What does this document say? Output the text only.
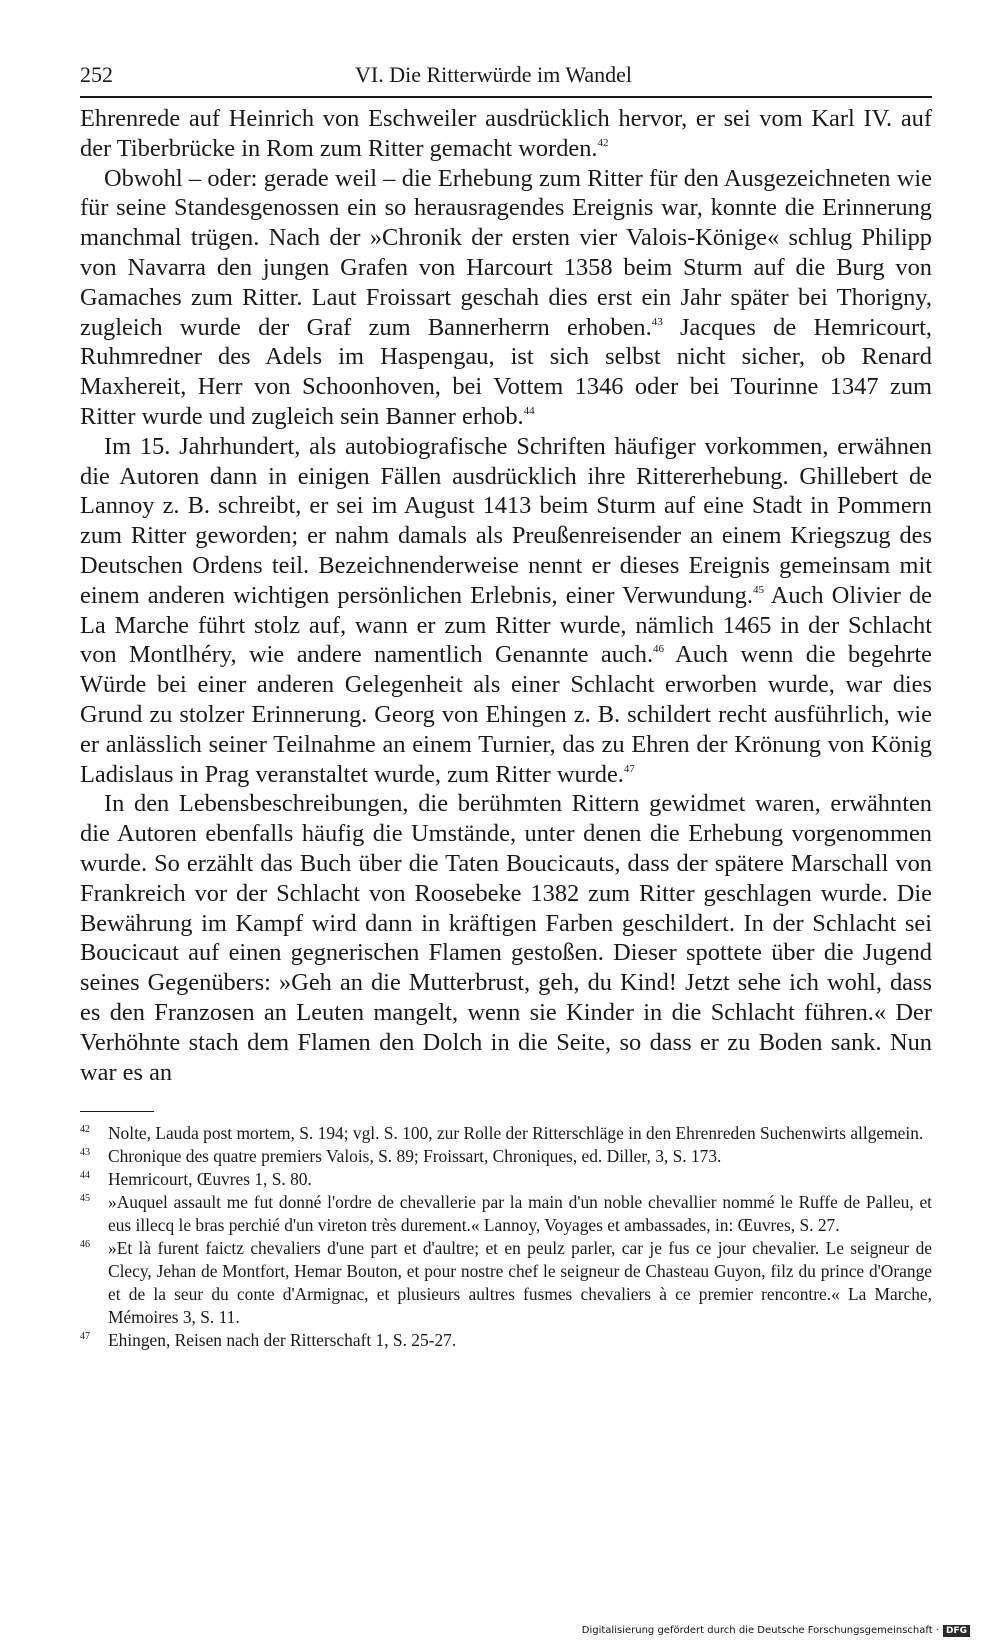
252	VI. Die Ritterwürde im Wandel

Ehrenrede auf Heinrich von Eschweiler ausdrücklich hervor, er sei vom Karl IV. auf der Tiberbrücke in Rom zum Ritter gemacht worden.$^{42}$

Obwohl – oder: gerade weil – die Erhebung zum Ritter für den Ausgezeichneten wie für seine Standesgenossen ein so herausragendes Ereignis war, konnte die Erinnerung manchmal trügen. Nach der »Chronik der ersten vier Valois-Könige« schlug Philipp von Navarra den jungen Grafen von Harcourt 1358 beim Sturm auf die Burg von Gamaches zum Ritter. Laut Froissart geschah dies erst ein Jahr später bei Thorigny, zugleich wurde der Graf zum Bannerherrn erhoben.$^{43}$ Jacques de Hemricourt, Ruhmredner des Adels im Haspengau, ist sich selbst nicht sicher, ob Renard Maxhereit, Herr von Schoonhoven, bei Vottem 1346 oder bei Tourinne 1347 zum Ritter wurde und zugleich sein Banner erhob.$^{44}$

Im 15. Jahrhundert, als autobiografische Schriften häufiger vorkommen, erwähnen die Autoren dann in einigen Fällen ausdrücklich ihre Rittererhebung. Ghillebert de Lannoy z. B. schreibt, er sei im August 1413 beim Sturm auf eine Stadt in Pommern zum Ritter geworden; er nahm damals als Preußenreisender an einem Kriegszug des Deutschen Ordens teil. Bezeichnenderweise nennt er dieses Ereignis gemeinsam mit einem anderen wichtigen persönlichen Erlebnis, einer Verwundung.$^{45}$ Auch Olivier de La Marche führt stolz auf, wann er zum Ritter wurde, nämlich 1465 in der Schlacht von Montlhéry, wie andere namentlich Genannte auch.$^{46}$ Auch wenn die begehrte Würde bei einer anderen Gelegenheit als einer Schlacht erworben wurde, war dies Grund zu stolzer Erinnerung. Georg von Ehingen z. B. schildert recht ausführlich, wie er anlässlich seiner Teilnahme an einem Turnier, das zu Ehren der Krönung von König Ladislaus in Prag veranstaltet wurde, zum Ritter wurde.$^{47}$

In den Lebensbeschreibungen, die berühmten Rittern gewidmet waren, erwähnten die Autoren ebenfalls häufig die Umstände, unter denen die Erhebung vorgenommen wurde. So erzählt das Buch über die Taten Boucicauts, dass der spätere Marschall von Frankreich vor der Schlacht von Roosebeke 1382 zum Ritter geschlagen wurde. Die Bewährung im Kampf wird dann in kräftigen Farben geschildert. In der Schlacht sei Boucicaut auf einen gegnerischen Flamen gestoßen. Dieser spottete über die Jugend seines Gegenübers: »Geh an die Mutterbrust, geh, du Kind! Jetzt sehe ich wohl, dass es den Franzosen an Leuten mangelt, wenn sie Kinder in die Schlacht führen.« Der Verhöhnte stach dem Flamen den Dolch in die Seite, so dass er zu Boden sank. Nun war es an

42 Nolte, Lauda post mortem, S. 194; vgl. S. 100, zur Rolle der Ritterschläge in den Ehrenreden Suchenwirts allgemein.
43 Chronique des quatre premiers Valois, S. 89; Froissart, Chroniques, ed. Diller, 3, S. 173.
44 Hemricourt, Œuvres 1, S. 80.
45 »Auquel assault me fut donné l'ordre de chevallerie par la main d'un noble chevallier nommé le Ruffe de Palleu, et eus illecq le bras perchié d'un vireton très durement.« Lannoy, Voyages et ambassades, in: Œuvres, S. 27.
46 »Et là furent faictz chevaliers d'une part et d'aultre; et en peulz parler, car je fus ce jour chevalier. Le seigneur de Clecy, Jehan de Montfort, Hemar Bouton, et pour nostre chef le seigneur de Chasteau Guyon, filz du prince d'Orange et de la seur du conte d'Armignac, et plusieurs aultres fusmes chevaliers à ce premier rencontre.« La Marche, Mémoires 3, S. 11.
47 Ehingen, Reisen nach der Ritterschaft 1, S. 25-27.
Digitalisierung gefördert durch die Deutsche Forschungsgemeinschaft · DFG
